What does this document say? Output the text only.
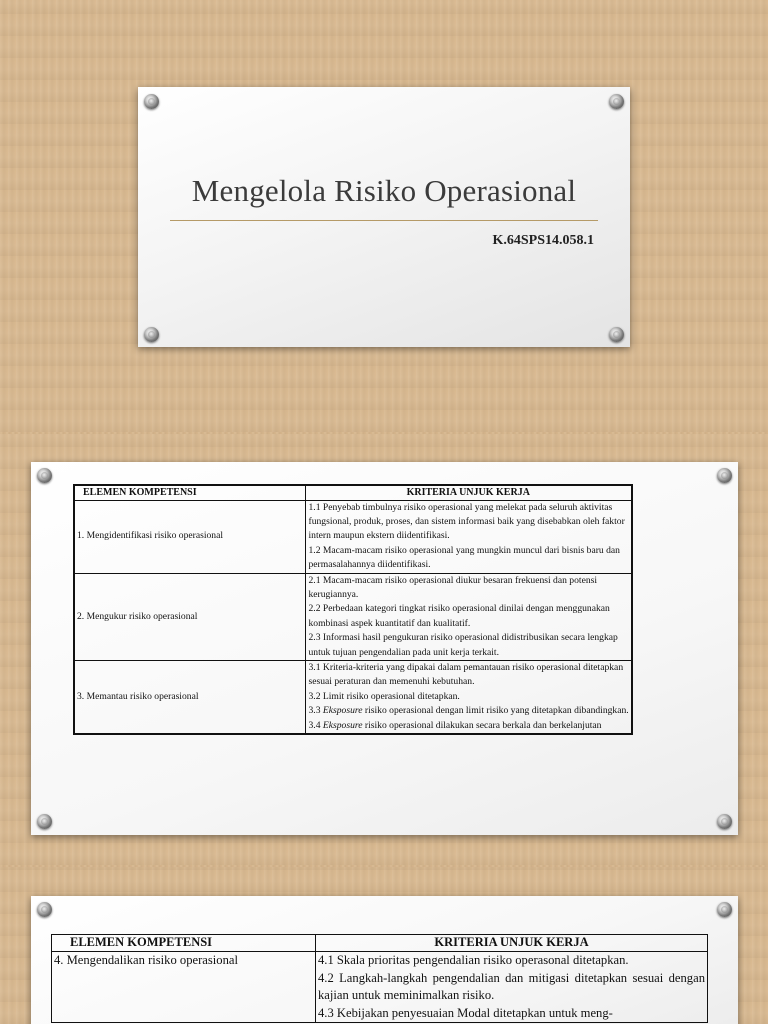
Mengelola Risiko Operasional
K.64SPS14.058.1
ELEMEN KOMPETENSI	KRITERIA UNJUK KERJA
1. Mengidentifikasi risiko operasional	1.1 Penyebab timbulnya risiko operasional yang melekat pada seluruh aktivitas fungsional, produk, proses, dan sistem informasi baik yang disebabkan oleh faktor intern maupun ekstern diidentifikasi.
1.2 Macam-macam risiko operasional yang mungkin muncul dari bisnis baru dan permasalahannya diidentifikasi.

2. Mengukur risiko operasional	2.1 Macam-macam risiko operasional diukur besaran frekuensi dan potensi kerugiannya.
2.2 Perbedaan kategori tingkat risiko operasional dinilai dengan menggunakan kombinasi aspek kuantitatif dan kualitatif.
2.3 Informasi hasil pengukuran risiko operasional didistribusikan secara lengkap untuk tujuan pengendalian pada unit kerja terkait.

3. Memantau risiko operasional	3.1 Kriteria-kriteria yang dipakai dalam pemantauan risiko operasional ditetapkan sesuai peraturan dan memenuhi kebutuhan.
3.2 Limit risiko operasional ditetapkan.
3.3 Eksposure risiko operasional dengan limit risiko yang ditetapkan dibandingkan.
3.4 Eksposure risiko operasional dilakukan secara berkala dan berkelanjutan
ELEMEN KOMPETENSI	KRITERIA UNJUK KERJA
4. Mengendalikan risiko operasional	4.1 Skala prioritas pengendalian risiko operasonal ditetapkan.
4.2 Langkah-langkah pengendalian dan mitigasi ditetapkan sesuai dengan kajian untuk meminimalkan risiko.
4.3 Kebijakan penyesuaian Modal ditetapkan untuk meng-
